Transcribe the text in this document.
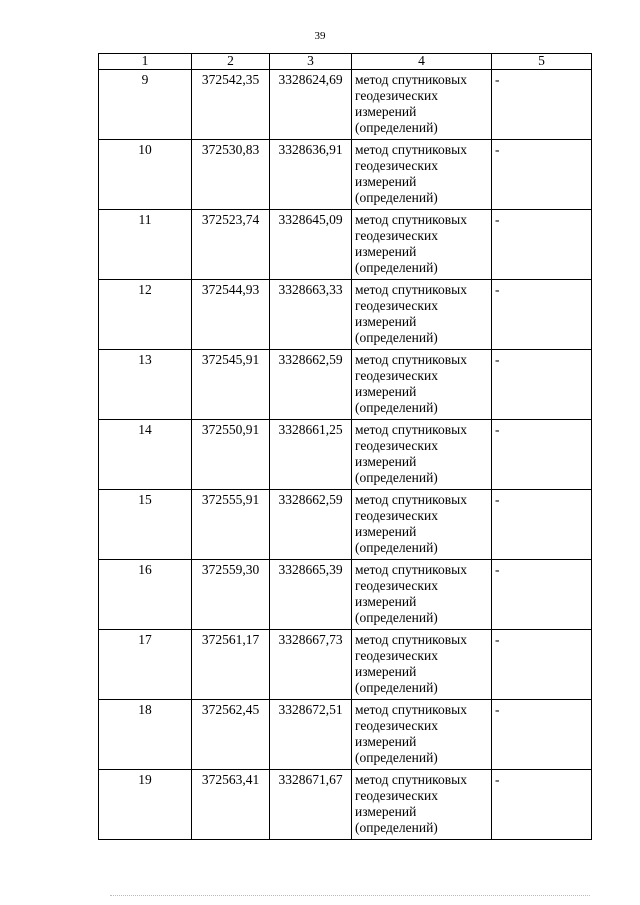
39
1	2	3	4	5
9	372542,35	3328624,69	метод спутниковых
геодезических
измерений
(определений)	-
10	372530,83	3328636,91	метод спутниковых
геодезических
измерений
(определений)	-
11	372523,74	3328645,09	метод спутниковых
геодезических
измерений
(определений)	-
12	372544,93	3328663,33	метод спутниковых
геодезических
измерений
(определений)	-
13	372545,91	3328662,59	метод спутниковых
геодезических
измерений
(определений)	-
14	372550,91	3328661,25	метод спутниковых
геодезических
измерений
(определений)	-
15	372555,91	3328662,59	метод спутниковых
геодезических
измерений
(определений)	-
16	372559,30	3328665,39	метод спутниковых
геодезических
измерений
(определений)	-
17	372561,17	3328667,73	метод спутниковых
геодезических
измерений
(определений)	-
18	372562,45	3328672,51	метод спутниковых
геодезических
измерений
(определений)	-
19	372563,41	3328671,67	метод спутниковых
геодезических
измерений
(определений)	-
